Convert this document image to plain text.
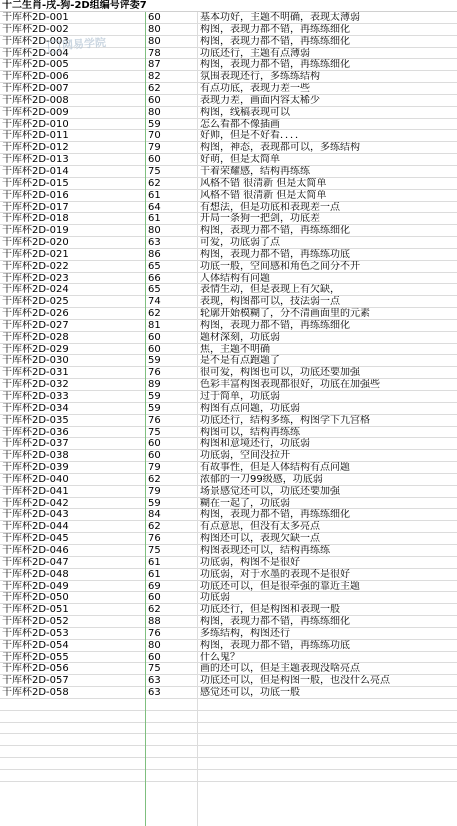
十二生肖-戌-狗-2D组编号评委7
干库杯2D-001	60	基本功好，主题不明确，表现太薄弱
干库杯2D-002	80	构图，表现力都不错，再练练细化
干库杯2D-003	80	构图，表现力都不错，再练练细化
干库杯2D-004	78	功底还行，主题有点薄弱
干库杯2D-005	87	构图，表现力都不错，再练练细化
干库杯2D-006	82	氛围表现还行，多练练结构
干库杯2D-007	62	有点功底，表现力差一些
干库杯2D-008	60	表现力差，画面内容太稀少
干库杯2D-009	80	构图，线稿表现可以
干库杯2D-010	59	怎么看都不像插画
干库杯2D-011	70	好帅，但是不好看．．．．
干库杯2D-012	79	构图，神态，表现都可以，多练结构
干库杯2D-013	60	好萌，但是太简单
干库杯2D-014	75	干着荣耀感，结构再练练
干库杯2D-015	62	风格不错 很清新 但是太简单
干库杯2D-016	61	风格不错 很清新 但是太简单
干库杯2D-017	64	有想法，但是功底和表现差一点
干库杯2D-018	61	开局一条狗一把剑，功底差
干库杯2D-019	80	构图，表现力都不错，再练练细化
干库杯2D-020	63	可爱，功底弱了点
干库杯2D-021	86	构图，表现力都不错，再练练功底
干库杯2D-022	65	功底一般，空间感和角色之间分不开
干库杯2D-023	66	人体结构有问题
干库杯2D-024	65	表情生动，但是表现上有欠缺，
干库杯2D-025	74	表现，构图都可以，技法弱一点
干库杯2D-026	62	轮廓开始模糊了，分不清画面里的元素
干库杯2D-027	81	构图，表现力都不错，再练练细化
干库杯2D-028	60	题材深刻，功底弱
干库杯2D-029	60	焦，主题不明确
干库杯2D-030	59	是不是有点跑题了
干库杯2D-031	76	很可爱，构图也可以，功底还要加强
干库杯2D-032	89	色彩丰富构图表现都很好，功底在加强些
干库杯2D-033	59	过于简单，功底弱
干库杯2D-034	59	构图有点问题，功底弱
干库杯2D-035	76	功底还行，结构多练，构图学下九宫格
干库杯2D-036	75	构图可以，结构再练练
干库杯2D-037	60	构图和意境还行，功底弱
干库杯2D-038	60	功底弱，空间没拉开
干库杯2D-039	79	有故事性，但是人体结构有点问题
干库杯2D-040	62	浓郁的一刀99级感，功底弱
干库杯2D-041	79	场景感觉还可以，功底还要加强
干库杯2D-042	59	糊在一起了，功底弱
干库杯2D-043	84	构图，表现力都不错，再练练细化
干库杯2D-044	62	有点意思，但没有太多亮点
干库杯2D-045	76	构图还可以，表现欠缺一点
干库杯2D-046	75	构图表现还可以，结构再练练
干库杯2D-047	61	功底弱，构图不是很好
干库杯2D-048	61	功底弱，对于水墨的表现不是很好
干库杯2D-049	69	功底还可以，但是很牵强的靠近主题
干库杯2D-050	60	功底弱
干库杯2D-051	62	功底还行，但是构图和表现一般
干库杯2D-052	88	构图，表现力都不错，再练练细化
干库杯2D-053	76	多练结构，构图还行
干库杯2D-054	80	构图，表现力都不错，再练练功底
干库杯2D-055	60	什么鬼？
干库杯2D-056	75	画的还可以，但是主题表现没啥亮点
干库杯2D-057	63	功底还可以，但是构图一般，也没什么亮点
干库杯2D-058	63	感觉还可以，功底一般
网易学院
